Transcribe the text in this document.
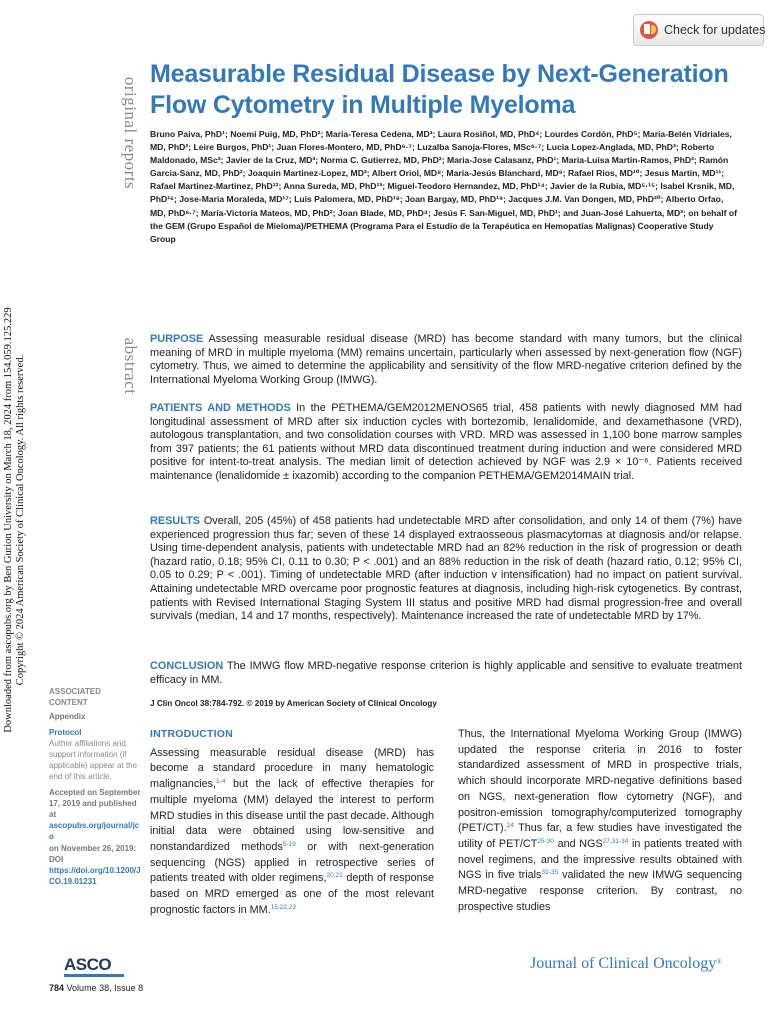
Check for updates
Downloaded from ascopubs.org by Ben Gurion University on March 18, 2024 from 154.059.125.229 Copyright © 2024 American Society of Clinical Oncology. All rights reserved.
original reports
abstract
Measurable Residual Disease by Next-Generation Flow Cytometry in Multiple Myeloma
Bruno Paiva, PhD¹; Noemi Puig, MD, PhD²; Maria-Teresa Cedena, MD³; Laura Rosiñol, MD, PhD⁴; Lourdes Cordón, PhD⁵; María-Belén Vidriales, MD, PhD²; Leire Burgos, PhD¹; Juan Flores-Montero, MD, PhD⁶·⁷; Luzalba Sanoja-Flores, MSc⁶·⁷; Lucia Lopez-Anglada, MD, PhD³; Roberto Maldonado, MSc³; Javier de la Cruz, MD³; Norma C. Gutierrez, MD, PhD²; Maria-Jose Calasanz, PhD¹; Maria-Luisa Martin-Ramos, PhD³; Ramón Garcia-Sanz, MD, PhD²; Joaquin Martinez-Lopez, MD³; Albert Oriol, MD⁸; María-Jesús Blanchard, MD⁹; Rafael Rios, MD¹⁰; Jesus Martin, MD¹¹; Rafael Martinez-Martinez, PhD¹²; Anna Sureda, MD, PhD¹³; Miguel-Teodoro Hernandez, MD, PhD¹⁴; Javier de la Rubia, MD⁵·¹⁵; Isabel Krsnik, MD, PhD¹⁶; Jose-Maria Moraleda, MD¹⁷; Luis Palomera, MD, PhD¹⁸; Joan Bargay, MD, PhD¹⁹; Jacques J.M. Van Dongen, MD, PhD²⁰; Alberto Orfao, MD, PhD⁶·⁷; María-Victoria Mateos, MD, PhD²; Joan Blade, MD, PhD⁴; Jesús F. San-Miguel, MD, PhD¹; and Juan-José Lahuerta, MD³; on behalf of the GEM (Grupo Español de Mieloma)/PETHEMA (Programa Para el Estudio de la Terapéutica en Hemopatías Malignas) Cooperative Study Group

PURPOSE Assessing measurable residual disease (MRD) has become standard with many tumors, but the clinical meaning of MRD in multiple myeloma (MM) remains uncertain, particularly when assessed by next-generation flow (NGF) cytometry. Thus, we aimed to determine the applicability and sensitivity of the flow MRD-negative criterion defined by the International Myeloma Working Group (IMWG).

PATIENTS AND METHODS In the PETHEMA/GEM2012MENOS65 trial, 458 patients with newly diagnosed MM had longitudinal assessment of MRD after six induction cycles with bortezomib, lenalidomide, and dexamethasone (VRD), autologous transplantation, and two consolidation courses with VRD. MRD was assessed in 1,100 bone marrow samples from 397 patients; the 61 patients without MRD data discontinued treatment during induction and were considered MRD positive for intent-to-treat analysis. The median limit of detection achieved by NGF was 2.9 × 10⁻⁶. Patients received maintenance (lenalidomide ± ixazomib) according to the companion PETHEMA/GEM2014MAIN trial.

RESULTS Overall, 205 (45%) of 458 patients had undetectable MRD after consolidation, and only 14 of them (7%) have experienced progression thus far; seven of these 14 displayed extraosseous plasmacytomas at diagnosis and/or relapse. Using time-dependent analysis, patients with undetectable MRD had an 82% reduction in the risk of progression or death (hazard ratio, 0.18; 95% CI, 0.11 to 0.30; P < .001) and an 88% reduction in the risk of death (hazard ratio, 0.12; 95% CI, 0.05 to 0.29; P < .001). Timing of undetectable MRD (after induction v intensification) had no impact on patient survival. Attaining undetectable MRD overcame poor prognostic features at diagnosis, including high-risk cytogenetics. By contrast, patients with Revised International Staging System III status and positive MRD had dismal progression-free and overall survivals (median, 14 and 17 months, respectively). Maintenance increased the rate of undetectable MRD by 17%.

CONCLUSION The IMWG flow MRD-negative response criterion is highly applicable and sensitive to evaluate treatment efficacy in MM.

J Clin Oncol 38:784-792. © 2019 by American Society of Clinical Oncology
ASSOCIATED
CONTENT
Appendix
Protocol
Author affiliations and support information (if applicable) appear at the end of this article.
Accepted on September 17, 2019 and published at
ascopubs.org/journal/jco
on November 26, 2019: DOI
https://doi.org/10.1200/JCO.19.01231
INTRODUCTION

Assessing measurable residual disease (MRD) has become a standard procedure in many hematologic malignancies,$^{1-4}$ but the lack of effective therapies for multiple myeloma (MM) delayed the interest to perform MRD studies in this disease until the past decade. Although initial data were obtained using low-sensitive and nonstandardized methods$^{5-19}$ or with next-generation sequencing (NGS) applied in retrospective series of patients treated with older regimens,$^{20,21}$ depth of response based on MRD emerged as one of the most relevant prognostic factors in MM.$^{15,22,23}$

Thus, the International Myeloma Working Group (IMWG) updated the response criteria in 2016 to foster standardized assessment of MRD in prospective trials, which should incorporate MRD-negative definitions based on NGS, next-generation flow cytometry (NGF), and positron-emission tomography/computerized tomography (PET/CT).$^{24}$ Thus far, a few studies have investigated the utility of PET/CT$^{25-30}$ and NGS$^{27,31-34}$ in patients treated with novel regimens, and the impressive results obtained with NGS in five trials$^{31-35}$ validated the new IMWG sequencing MRD-negative response criterion. By contrast, no prospective studies

ASCO	Journal of Clinical Oncology®
784 Volume 38, Issue 8
